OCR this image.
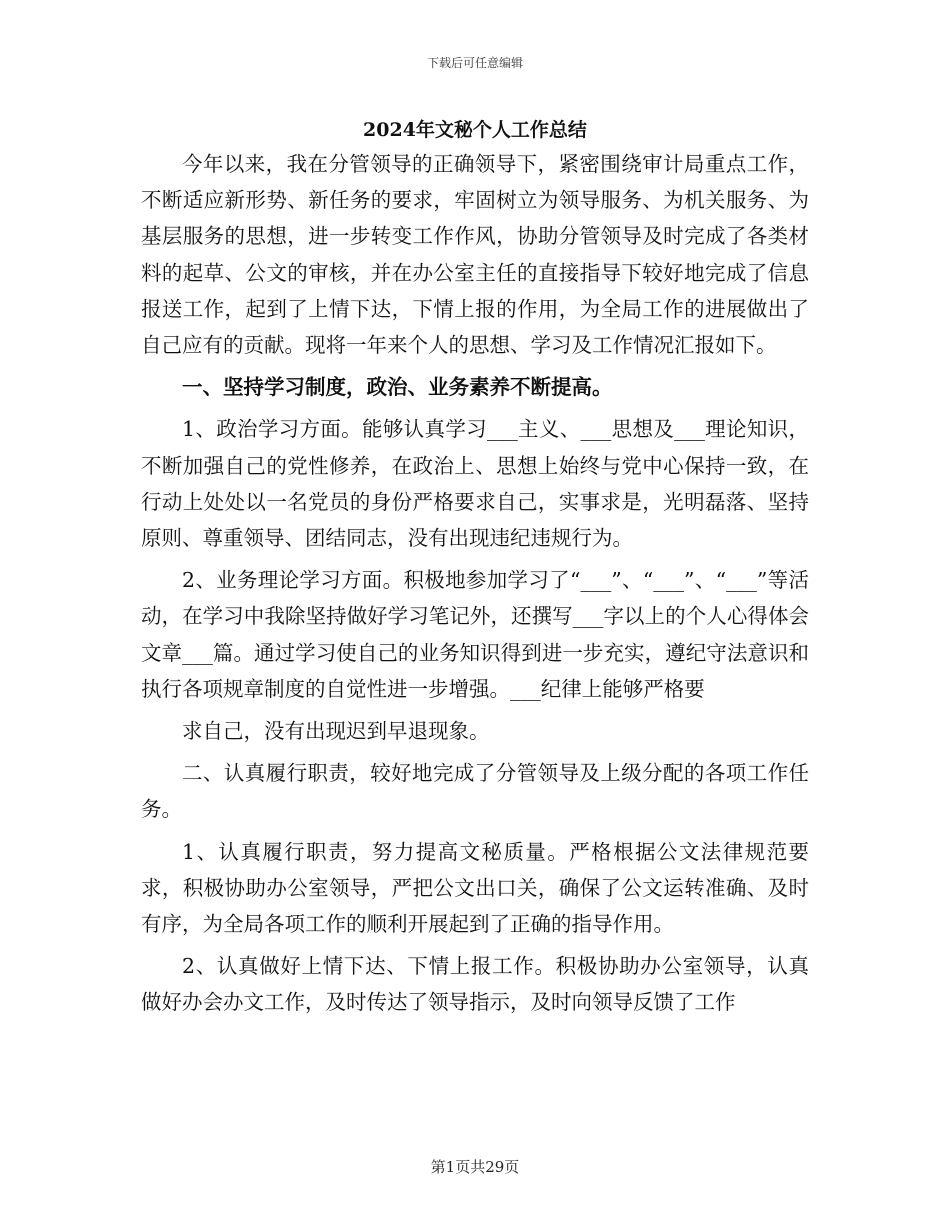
下载后可任意编辑
2024年文秘个人工作总结

今年以来，我在分管领导的正确领导下，紧密围绕审计局重点工作，不断适应新形势、新任务的要求，牢固树立为领导服务、为机关服务、为基层服务的思想，进一步转变工作作风，协助分管领导及时完成了各类材料的起草、公文的审核，并在办公室主任的直接指导下较好地完成了信息报送工作，起到了上情下达，下情上报的作用，为全局工作的进展做出了自己应有的贡献。现将一年来个人的思想、学习及工作情况汇报如下。

一、坚持学习制度，政治、业务素养不断提高。

1、政治学习方面。能够认真学习___主义、___思想及___理论知识，不断加强自己的党性修养，在政治上、思想上始终与党中心保持一致，在行动上处处以一名党员的身份严格要求自己，实事求是，光明磊落、坚持原则、尊重领导、团结同志，没有出现违纪违规行为。

2、业务理论学习方面。积极地参加学习了“___”、“___”、“___”等活动，在学习中我除坚持做好学习笔记外，还撰写___字以上的个人心得体会文章___篇。通过学习使自己的业务知识得到进一步充实，遵纪守法意识和执行各项规章制度的自觉性进一步增强。___纪律上能够严格要

求自己，没有出现迟到早退现象。

二、认真履行职责，较好地完成了分管领导及上级分配的各项工作任务。

1、认真履行职责，努力提高文秘质量。严格根据公文法律规范要求，积极协助办公室领导，严把公文出口关，确保了公文运转准确、及时有序，为全局各项工作的顺利开展起到了正确的指导作用。

2、认真做好上情下达、下情上报工作。积极协助办公室领导，认真做好办会办文工作，及时传达了领导指示，及时向领导反馈了工作

第1页共29页
